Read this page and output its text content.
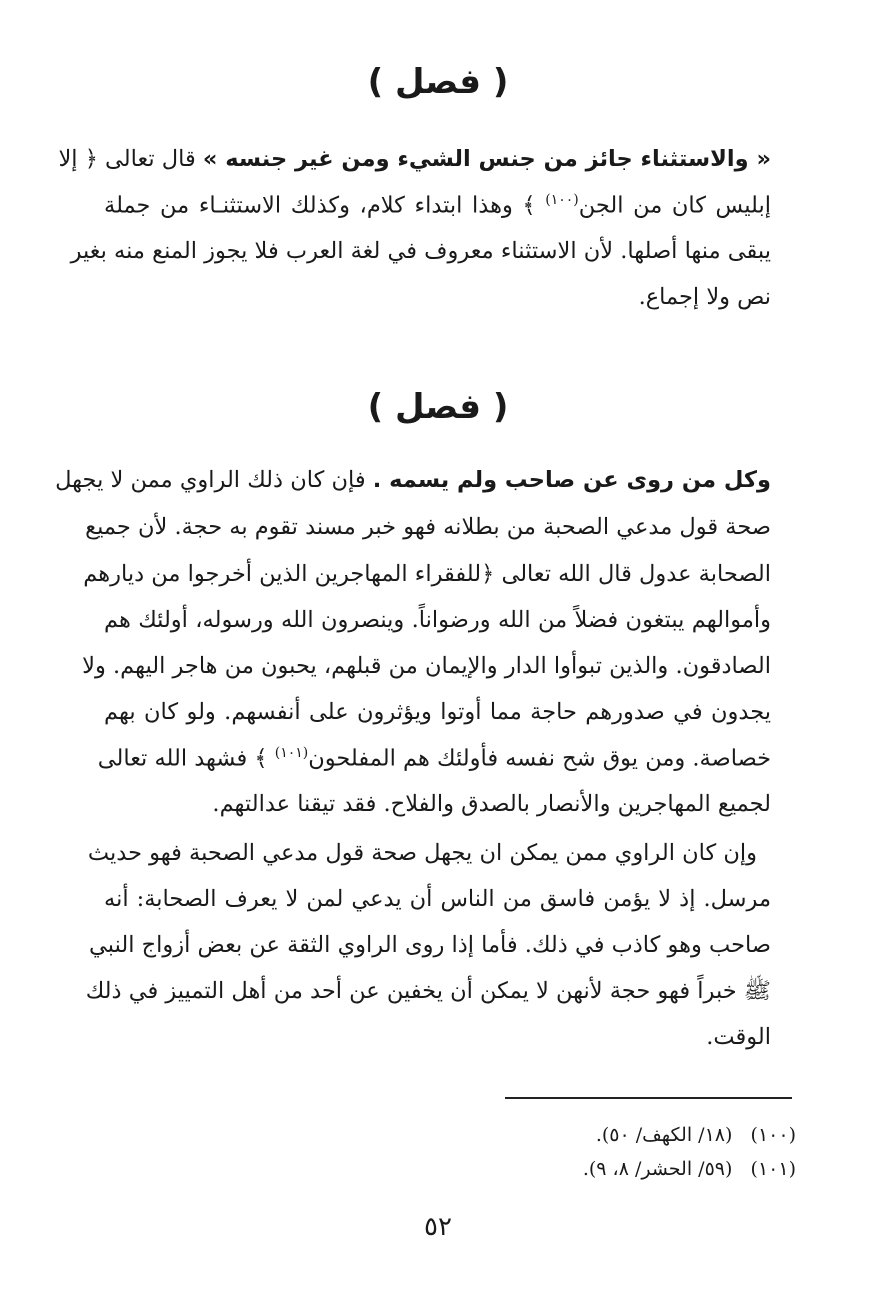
( فصل )
« والاستثناء جائز من جنس الشيء ومن غير جنسه » قال تعالى ﴿ إلا
إبليس كان من الجن$^{(١٠٠)}$ ﴾ وهذا ابتداء كلام، وكذلك الاستثنـاء من جملة
يبقى منها أصلها. لأن الاستثناء معروف في لغة العرب فلا يجوز المنع منه بغير
نص ولا إجماع.
( فصل )
وكل من روى عن صاحب ولم يسمه . فإن كان ذلك الراوي ممن لا يجهل
صحة قول مدعي الصحبة من بطلانه فهو خبر مسند تقوم به حجة. لأن جميع
الصحابة عدول قال الله تعالى ﴿للفقراء المهاجرين الذين أخرجوا من ديارهم
وأموالهم يبتغون فضلاً من الله ورضواناً. وينصرون الله ورسوله، أولئك هم
الصادقون. والذين تبوأوا الدار والإيمان من قبلهم، يحبون من هاجر اليهم. ولا
يجدون في صدورهم حاجة مما أوتوا ويؤثرون على أنفسهم. ولو كان بهم
خصاصة. ومن يوق شح نفسه فأولئك هم المفلحون$^{(١٠١)}$ ﴾ فشهد الله تعالى
لجميع المهاجرين والأنصار بالصدق والفلاح. فقد تيقنا عدالتهم.
وإن كان الراوي ممن يمكن ان يجهل صحة قول مدعي الصحبة فهو حديث
مرسل. إذ لا يؤمن فاسق من الناس أن يدعي لمن لا يعرف الصحابة: أنه
صاحب وهو كاذب في ذلك. فأما إذا روى الراوي الثقة عن بعض أزواج النبي
ﷺ خبراً فهو حجة لأنهن لا يمكن أن يخفين عن أحد من أهل التمييز في ذلك
الوقت.
(١٠٠)   (١٨/ الكهف/ ٥٠).
(١٠١)   (٥٩/ الحشر/ ٨، ٩).
٥٢
